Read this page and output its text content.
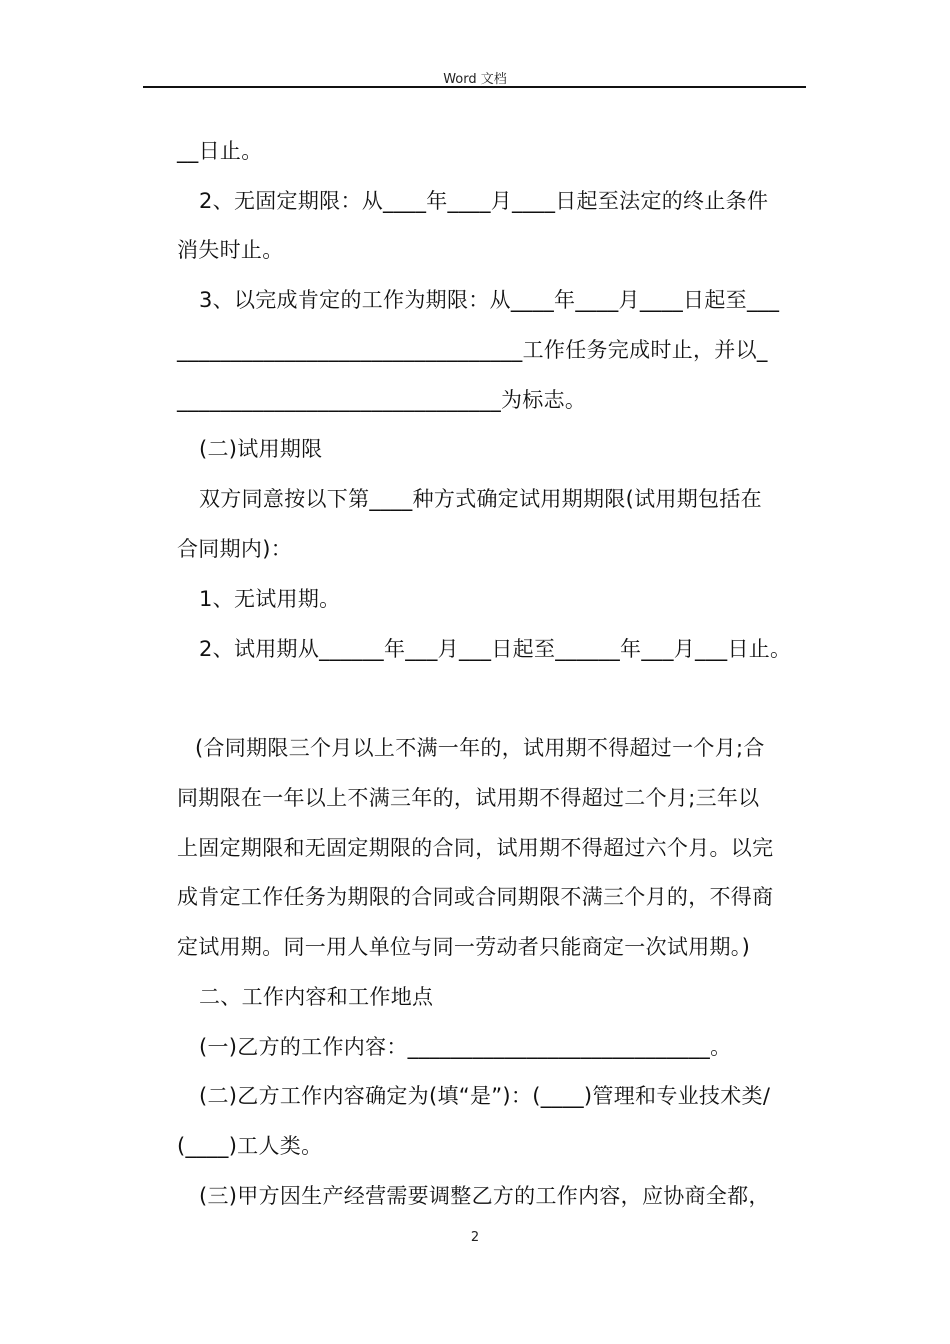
Word 文档
__日止。
2、无固定期限：从____年____月____日起至法定的终止条件
消失时止。
3、以完成肯定的工作为期限：从____年____月____日起至___
________________________________工作任务完成时止，并以_
______________________________为标志。
(二)试用期限
双方同意按以下第____种方式确定试用期期限(试用期包括在
合同期内)：
1、无试用期。
2、试用期从______年___月___日起至______年___月___日止。
(合同期限三个月以上不满一年的，试用期不得超过一个月;合
同期限在一年以上不满三年的，试用期不得超过二个月;三年以
上固定期限和无固定期限的合同，试用期不得超过六个月。以完
成肯定工作任务为期限的合同或合同期限不满三个月的，不得商
定试用期。同一用人单位与同一劳动者只能商定一次试用期。)
二、工作内容和工作地点
(一)乙方的工作内容：____________________________。
(二)乙方工作内容确定为(填“是”)：(____)管理和专业技术类/
(____)工人类。
(三)甲方因生产经营需要调整乙方的工作内容，应协商全都，
2
